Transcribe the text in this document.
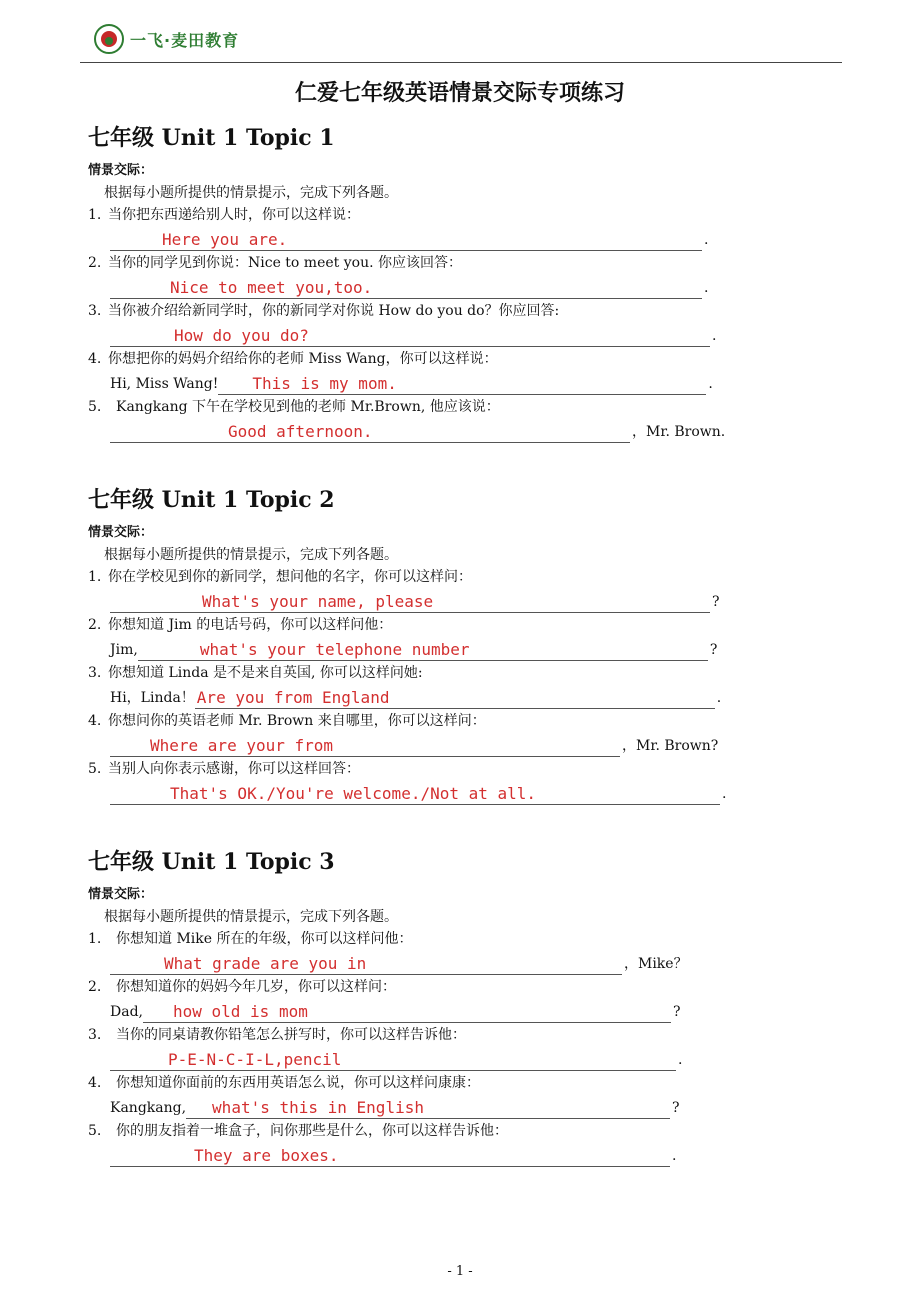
一飞·麦田教育
仁爱七年级英语情景交际专项练习
七年级 Unit 1 Topic 1
情景交际：
根据每小题所提供的情景提示，完成下列各题。
1. 当你把东西递给别人时，你可以这样说：
Here you are.	.
2. 当你的同学见到你说：Nice to meet you. 你应该回答：
Nice to meet you,too.	.
3. 当你被介绍给新同学时，你的新同学对你说 How do you do？你应回答:
How do you do?	.
4. 你想把你的妈妈介绍给你的老师 Miss Wang，你可以这样说：
Hi, Miss Wang! This is my mom.	.
5. Kangkang 下午在学校见到他的老师 Mr.Brown, 他应该说：
Good afternoon.	，Mr. Brown.
七年级 Unit 1 Topic 2
情景交际：
根据每小题所提供的情景提示，完成下列各题。
1. 你在学校见到你的新同学，想问他的名字，你可以这样问：
What's your name, please	?
2. 你想知道 Jim 的电话号码，你可以这样问他：
Jim,	what's your telephone number	?
3. 你想知道 Linda 是不是来自英国, 你可以这样问她:
Hi，Linda！ Are you from England	.
4. 你想问你的英语老师 Mr. Brown 来自哪里，你可以这样问：
Where are your from	，Mr. Brown?
5. 当别人向你表示感谢，你可以这样回答：
That's OK./You're welcome./Not at all.	.
七年级 Unit 1 Topic 3
情景交际：
根据每小题所提供的情景提示，完成下列各题。
1. 你想知道 Mike 所在的年级，你可以这样问他：
What grade are you in	，Mike？
2. 你想知道你的妈妈今年几岁，你可以这样问：
Dad, how old is mom	?
3. 当你的同桌请教你铅笔怎么拼写时，你可以这样告诉他：
P-E-N-C-I-L,pencil	.
4. 你想知道你面前的东西用英语怎么说，你可以这样问康康：
Kangkang, what's this in English	?
5. 你的朋友指着一堆盒子，问你那些是什么，你可以这样告诉他：
They are boxes.	.
- 1 -
